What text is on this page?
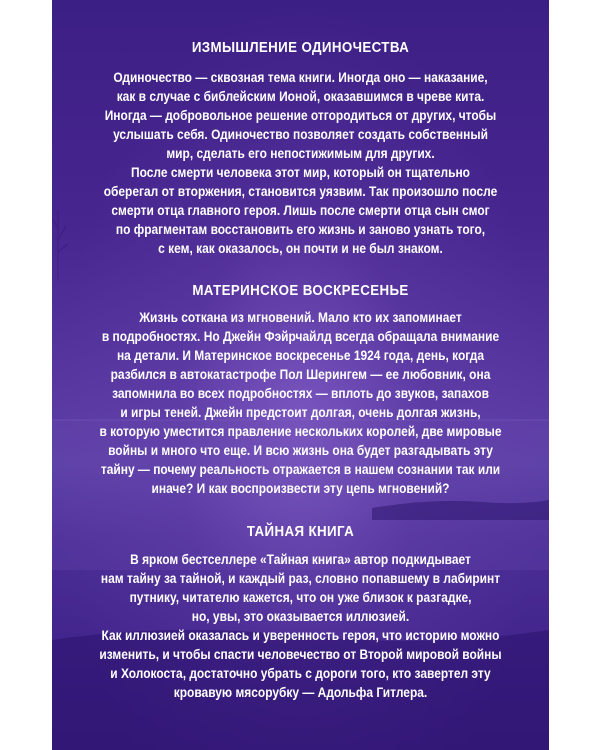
ИЗМЫШЛЕНИЕ ОДИНОЧЕСТВА
Одиночество — сквозная тема книги. Иногда оно — наказание,
как в случае с библейским Ионой, оказавшимся в чреве кита.
Иногда — добровольное решение отгородиться от других, чтобы
услышать себя. Одиночество позволяет создать собственный
мир, сделать его непостижимым для других.
После смерти человека этот мир, который он тщательно
оберегал от вторжения, становится уязвим. Так произошло после
смерти отца главного героя. Лишь после смерти отца сын смог
по фрагментам восстановить его жизнь и заново узнать того,
с кем, как оказалось, он почти и не был знаком.
МАТЕРИНСКОЕ ВОСКРЕСЕНЬЕ
Жизнь соткана из мгновений. Мало кто их запоминает
в подробностях. Но Джейн Фэйрчайлд всегда обращала внимание
на детали. И Материнское воскресенье 1924 года, день, когда
разбился в автокатастрофе Пол Шерингем — ее любовник, она
запомнила во всех подробностях — вплоть до звуков, запахов
и игры теней. Джейн предстоит долгая, очень долгая жизнь,
в которую уместится правление нескольких королей, две мировые
войны и много что еще. И всю жизнь она будет разгадывать эту
тайну — почему реальность отражается в нашем сознании так или
иначе? И как воспроизвести эту цепь мгновений?
ТАЙНАЯ КНИГА
В ярком бестселлере «Тайная книга» автор подкидывает
нам тайну за тайной, и каждый раз, словно попавшему в лабиринт
путнику, читателю кажется, что он уже близок к разгадке,
но, увы, это оказывается иллюзией.
Как иллюзией оказалась и уверенность героя, что историю можно
изменить, и чтобы спасти человечество от Второй мировой войны
и Холокоста, достаточно убрать с дороги того, кто завертел эту
кровавую мясорубку — Адольфа Гитлера.
